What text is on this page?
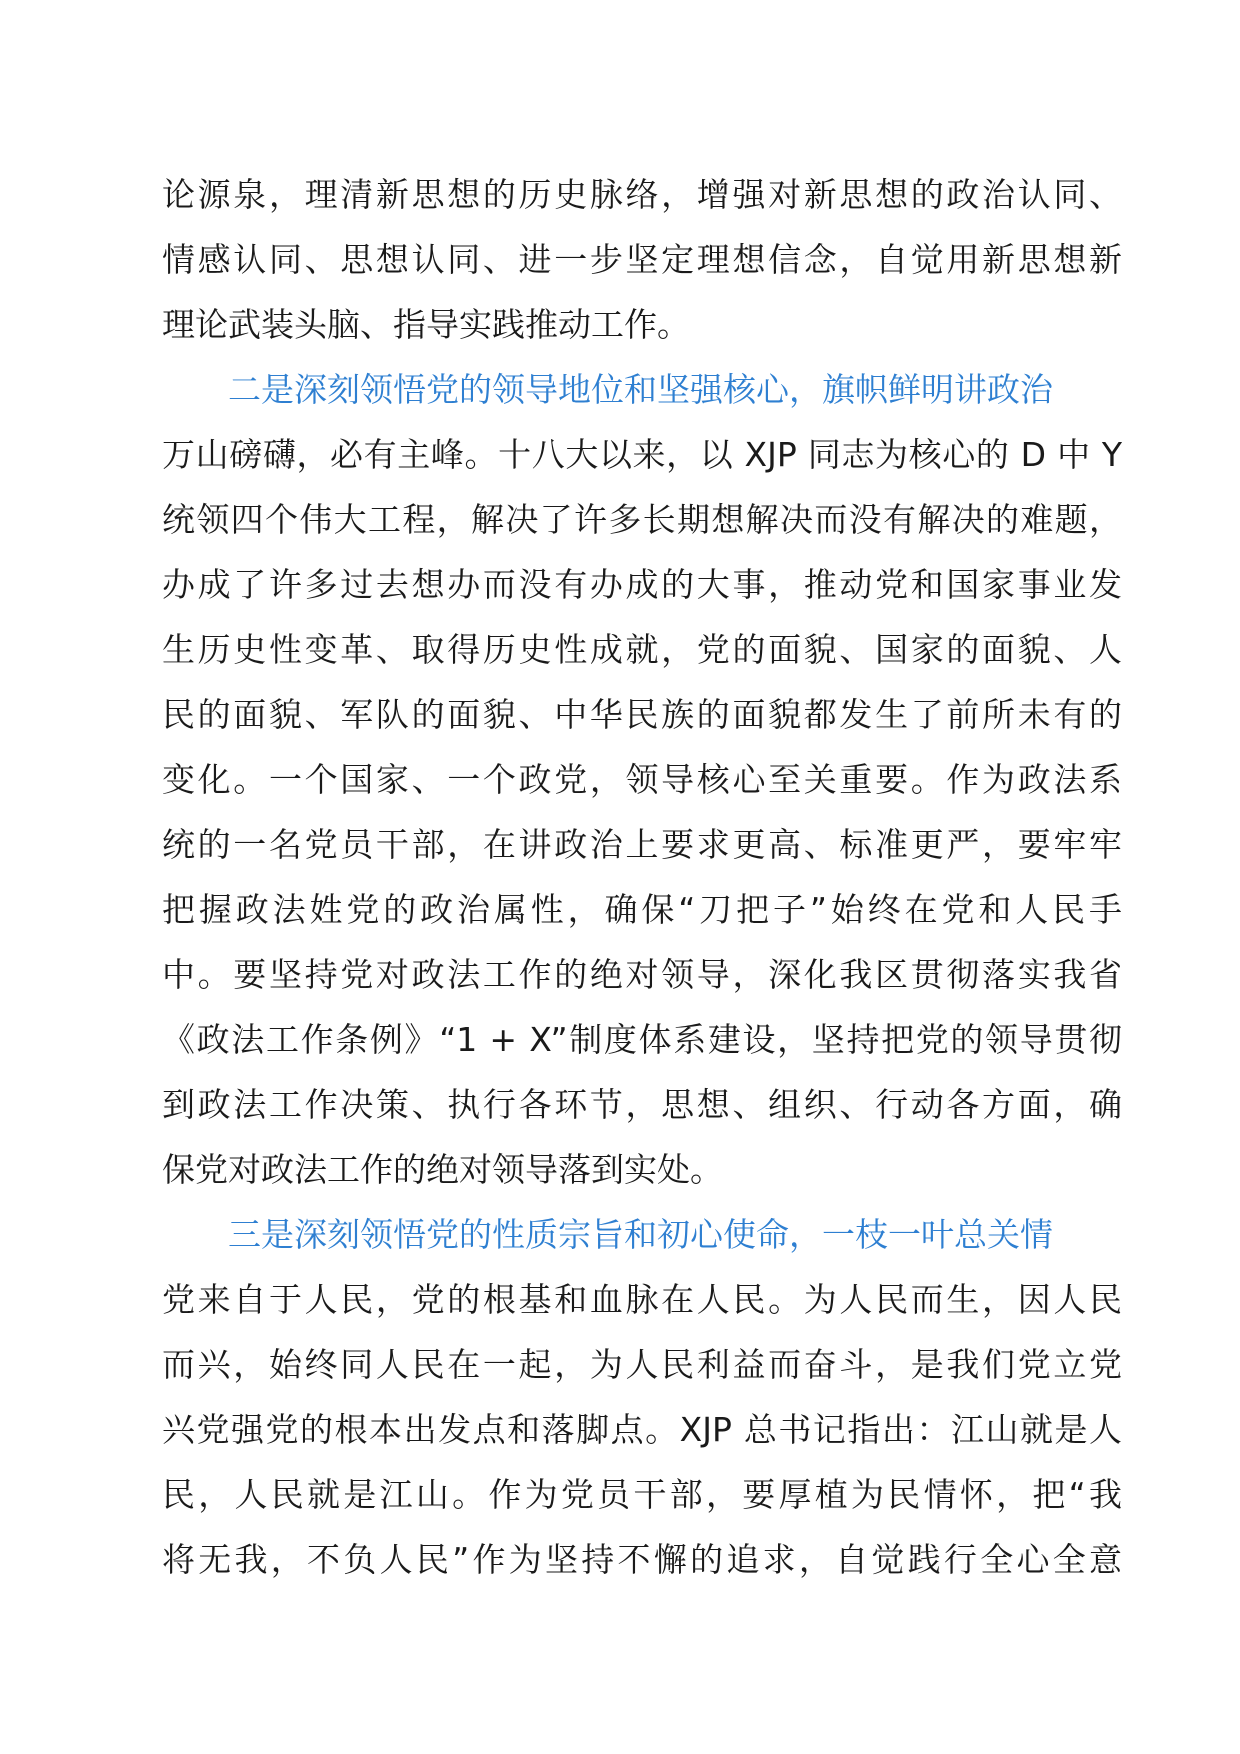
论源泉，理清新思想的历史脉络，增强对新思想的政治认同、
情感认同、思想认同、进一步坚定理想信念，自觉用新思想新
理论武装头脑、指导实践推动工作。
二是深刻领悟党的领导地位和坚强核心，旗帜鲜明讲政治
万山磅礴，必有主峰。十八大以来，以 XJP 同志为核心的 D 中 Y
统领四个伟大工程，解决了许多长期想解决而没有解决的难题，
办成了许多过去想办而没有办成的大事，推动党和国家事业发
生历史性变革、取得历史性成就，党的面貌、国家的面貌、人
民的面貌、军队的面貌、中华民族的面貌都发生了前所未有的
变化。一个国家、一个政党，领导核心至关重要。作为政法系
统的一名党员干部，在讲政治上要求更高、标准更严，要牢牢
把握政法姓党的政治属性，确保“刀把子”始终在党和人民手
中。要坚持党对政法工作的绝对领导，深化我区贯彻落实我省
《政法工作条例》“1 + X”制度体系建设，坚持把党的领导贯彻
到政法工作决策、执行各环节，思想、组织、行动各方面，确
保党对政法工作的绝对领导落到实处。
三是深刻领悟党的性质宗旨和初心使命，一枝一叶总关情
党来自于人民，党的根基和血脉在人民。为人民而生，因人民
而兴，始终同人民在一起，为人民利益而奋斗，是我们党立党
兴党强党的根本出发点和落脚点。XJP 总书记指出：江山就是人
民，人民就是江山。作为党员干部，要厚植为民情怀，把“我
将无我，不负人民”作为坚持不懈的追求，自觉践行全心全意
